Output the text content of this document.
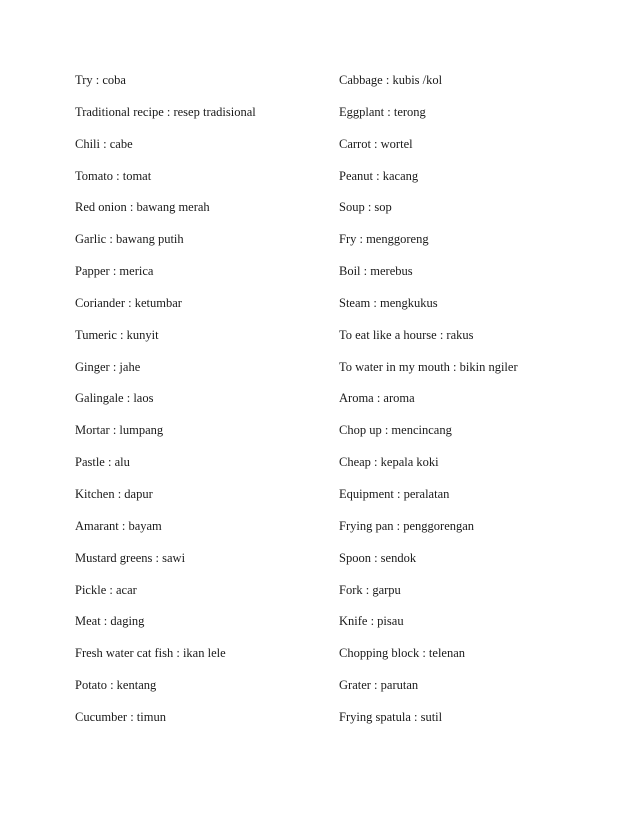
Try : coba
Traditional recipe : resep tradisional
Chili : cabe
Tomato : tomat
Red onion : bawang merah
Garlic : bawang putih
Papper : merica
Coriander : ketumbar
Tumeric : kunyit
Ginger : jahe
Galingale : laos
Mortar : lumpang
Pastle : alu
Kitchen : dapur
Amarant : bayam
Mustard greens : sawi
Pickle : acar
Meat : daging
Fresh water cat fish : ikan lele
Potato : kentang
Cucumber : timun
Cabbage : kubis /kol
Eggplant : terong
Carrot : wortel
Peanut : kacang
Soup : sop
Fry : menggoreng
Boil : merebus
Steam : mengkukus
To eat like a hourse : rakus
To water in my mouth : bikin ngiler
Aroma : aroma
Chop up : mencincang
Cheap : kepala koki
Equipment : peralatan
Frying pan : penggorengan
Spoon : sendok
Fork : garpu
Knife : pisau
Chopping block : telenan
Grater : parutan
Frying spatula : sutil
